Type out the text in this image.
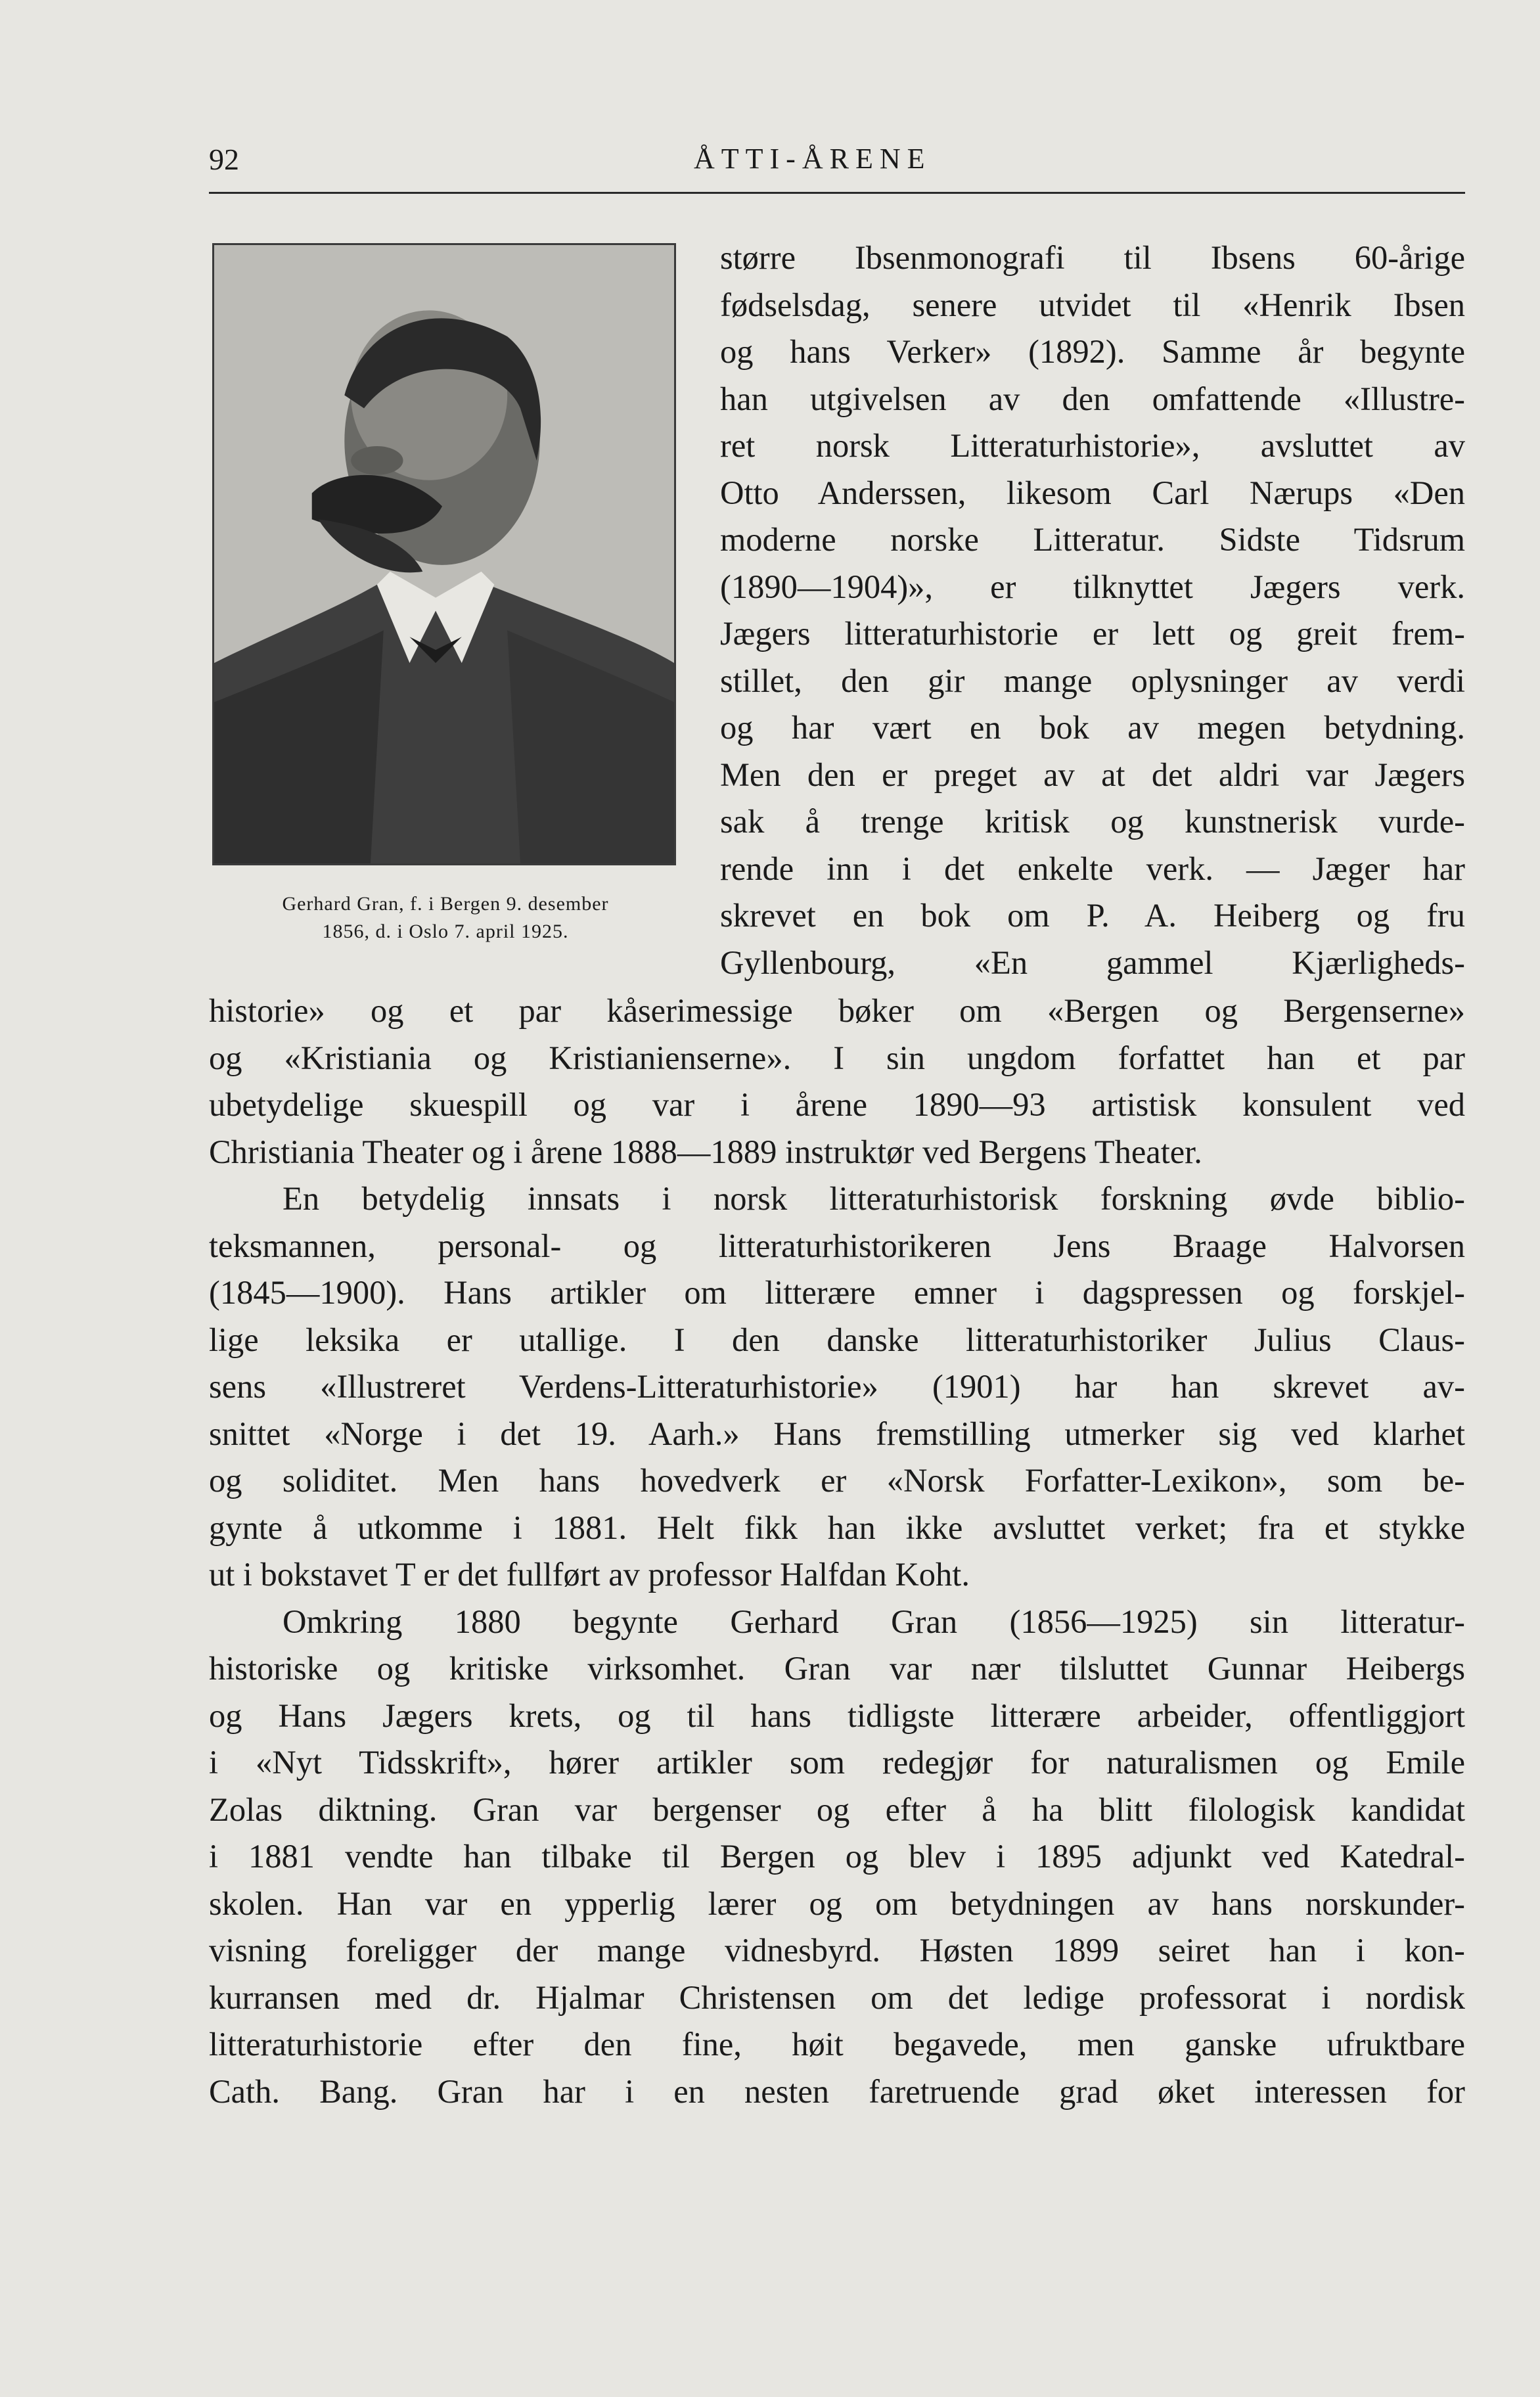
92	ÅTTI-ÅRENE
Gerhard Gran, f. i Bergen 9. desember
1856, d. i Oslo 7. april 1925.
større Ibsenmonografi til Ibsens 60-årige
fødselsdag, senere utvidet til «Henrik Ibsen
og hans Verker» (1892). Samme år begynte
han utgivelsen av den omfattende «Illustre-
ret norsk Litteraturhistorie», avsluttet av
Otto Anderssen, likesom Carl Nærups «Den
moderne norske Litteratur. Sidste Tidsrum
(1890—1904)», er tilknyttet Jægers verk.
Jægers litteraturhistorie er lett og greit frem-
stillet, den gir mange oplysninger av verdi
og har vært en bok av megen betydning.
Men den er preget av at det aldri var Jægers
sak å trenge kritisk og kunstnerisk vurde-
rende inn i det enkelte verk. — Jæger har
skrevet en bok om P. A. Heiberg og fru
Gyllenbourg, «En gammel Kjærligheds-
historie» og et par kåserimessige bøker om «Bergen og Bergenserne»
og «Kristiania og Kristianienserne». I sin ungdom forfattet han et par
ubetydelige skuespill og var i årene 1890—93 artistisk konsulent ved
Christiania Theater og i årene 1888—1889 instruktør ved Bergens Theater.
En betydelig innsats i norsk litteraturhistorisk forskning øvde biblio-
teksmannen, personal- og litteraturhistorikeren Jens Braage Halvorsen
(1845—1900). Hans artikler om litterære emner i dagspressen og forskjel-
lige leksika er utallige. I den danske litteraturhistoriker Julius Claus-
sens «Illustreret Verdens-Litteraturhistorie» (1901) har han skrevet av-
snittet «Norge i det 19. Aarh.» Hans fremstilling utmerker sig ved klarhet
og soliditet. Men hans hovedverk er «Norsk Forfatter-Lexikon», som be-
gynte å utkomme i 1881. Helt fikk han ikke avsluttet verket; fra et stykke
ut i bokstavet T er det fullført av professor Halfdan Koht.
Omkring 1880 begynte Gerhard Gran (1856—1925) sin litteratur-
historiske og kritiske virksomhet. Gran var nær tilsluttet Gunnar Heibergs
og Hans Jægers krets, og til hans tidligste litterære arbeider, offentliggjort
i «Nyt Tidsskrift», hører artikler som redegjør for naturalismen og Emile
Zolas diktning. Gran var bergenser og efter å ha blitt filologisk kandidat
i 1881 vendte han tilbake til Bergen og blev i 1895 adjunkt ved Katedral-
skolen. Han var en ypperlig lærer og om betydningen av hans norskunder-
visning foreligger der mange vidnesbyrd. Høsten 1899 seiret han i kon-
kurransen med dr. Hjalmar Christensen om det ledige professorat i nordisk
litteraturhistorie efter den fine, høit begavede, men ganske ufruktbare
Cath. Bang. Gran har i en nesten faretruende grad øket interessen for
